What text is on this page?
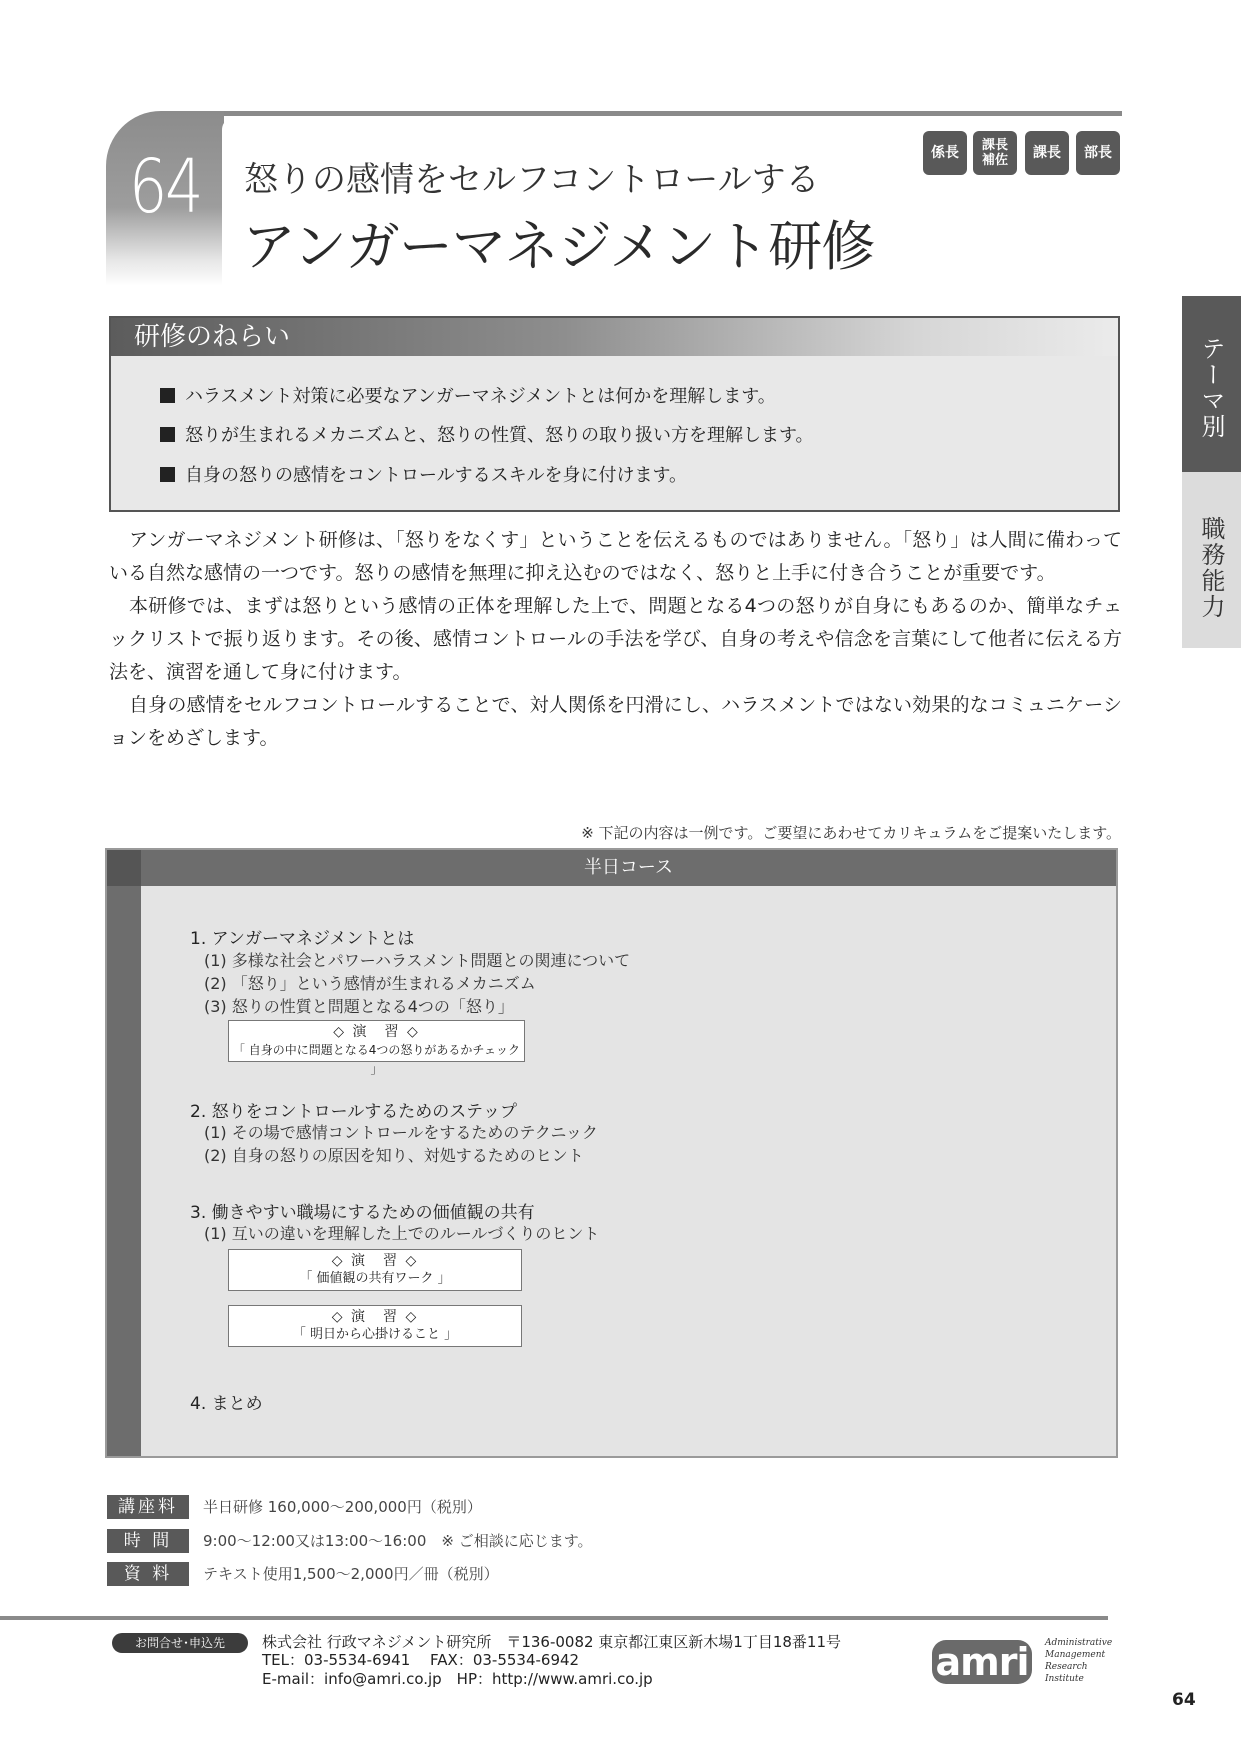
64	怒りの感情をセルフコントロールする
アンガーマネジメント研修
係長	課長
補佐	課長	部長
テーマ別
職務能力
研修のねらい
ハラスメント対策に必要なアンガーマネジメントとは何かを理解します。
怒りが生まれるメカニズムと、怒りの性質、怒りの取り扱い方を理解します。
自身の怒りの感情をコントロールするスキルを身に付けます。

アンガーマネジメント研修は、「怒りをなくす」ということを伝えるものではありません。「怒り」は人間に備わっている自然な感情の一つです。怒りの感情を無理に抑え込むのではなく、怒りと上手に付き合うことが重要です。

本研修では、まずは怒りという感情の正体を理解した上で、問題となる4つの怒りが自身にもあるのか、簡単なチェックリストで振り返ります。その後、感情コントロールの手法を学び、自身の考えや信念を言葉にして他者に伝える方法を、演習を通して身に付けます。

自身の感情をセルフコントロールすることで、対人関係を円滑にし、ハラスメントではない効果的なコミュニケーションをめざします。

※ 下記の内容は一例です。ご要望にあわせてカリキュラムをご提案いたします。
半日コース
1. アンガーマネジメントとは
(1) 多様な社会とパワーハラスメント問題との関連について
(2) 「怒り」という感情が生まれるメカニズム
(3) 怒りの性質と問題となる4つの「怒り」
◇ 演　習 ◇
「 自身の中に問題となる4つの怒りがあるかチェック 」
2. 怒りをコントロールするためのステップ
(1) その場で感情コントロールをするためのテクニック
(2) 自身の怒りの原因を知り、対処するためのヒント
3. 働きやすい職場にするための価値観の共有
(1) 互いの違いを理解した上でのルールづくりのヒント
◇ 演　習 ◇
「 価値観の共有ワーク 」
◇ 演　習 ◇
「 明日から心掛けること 」
4. まとめ
講座料	半日研修 160,000〜200,000円（税別）
時 間	9:00〜12:00又は13:00〜16:00　※ ご相談に応じます。
資 料	テキスト使用1,500〜2,000円／冊（税別）
お問合せ･申込先	株式会社 行政マネジメント研究所　〒136-0082 東京都江東区新木場1丁目18番11号
TEL：03-5534-6941　 FAX：03-5534-6942
E-mail：info@amri.co.jp　HP：http://www.amri.co.jp	amri	Administrative
Management
Research
Institute
64
